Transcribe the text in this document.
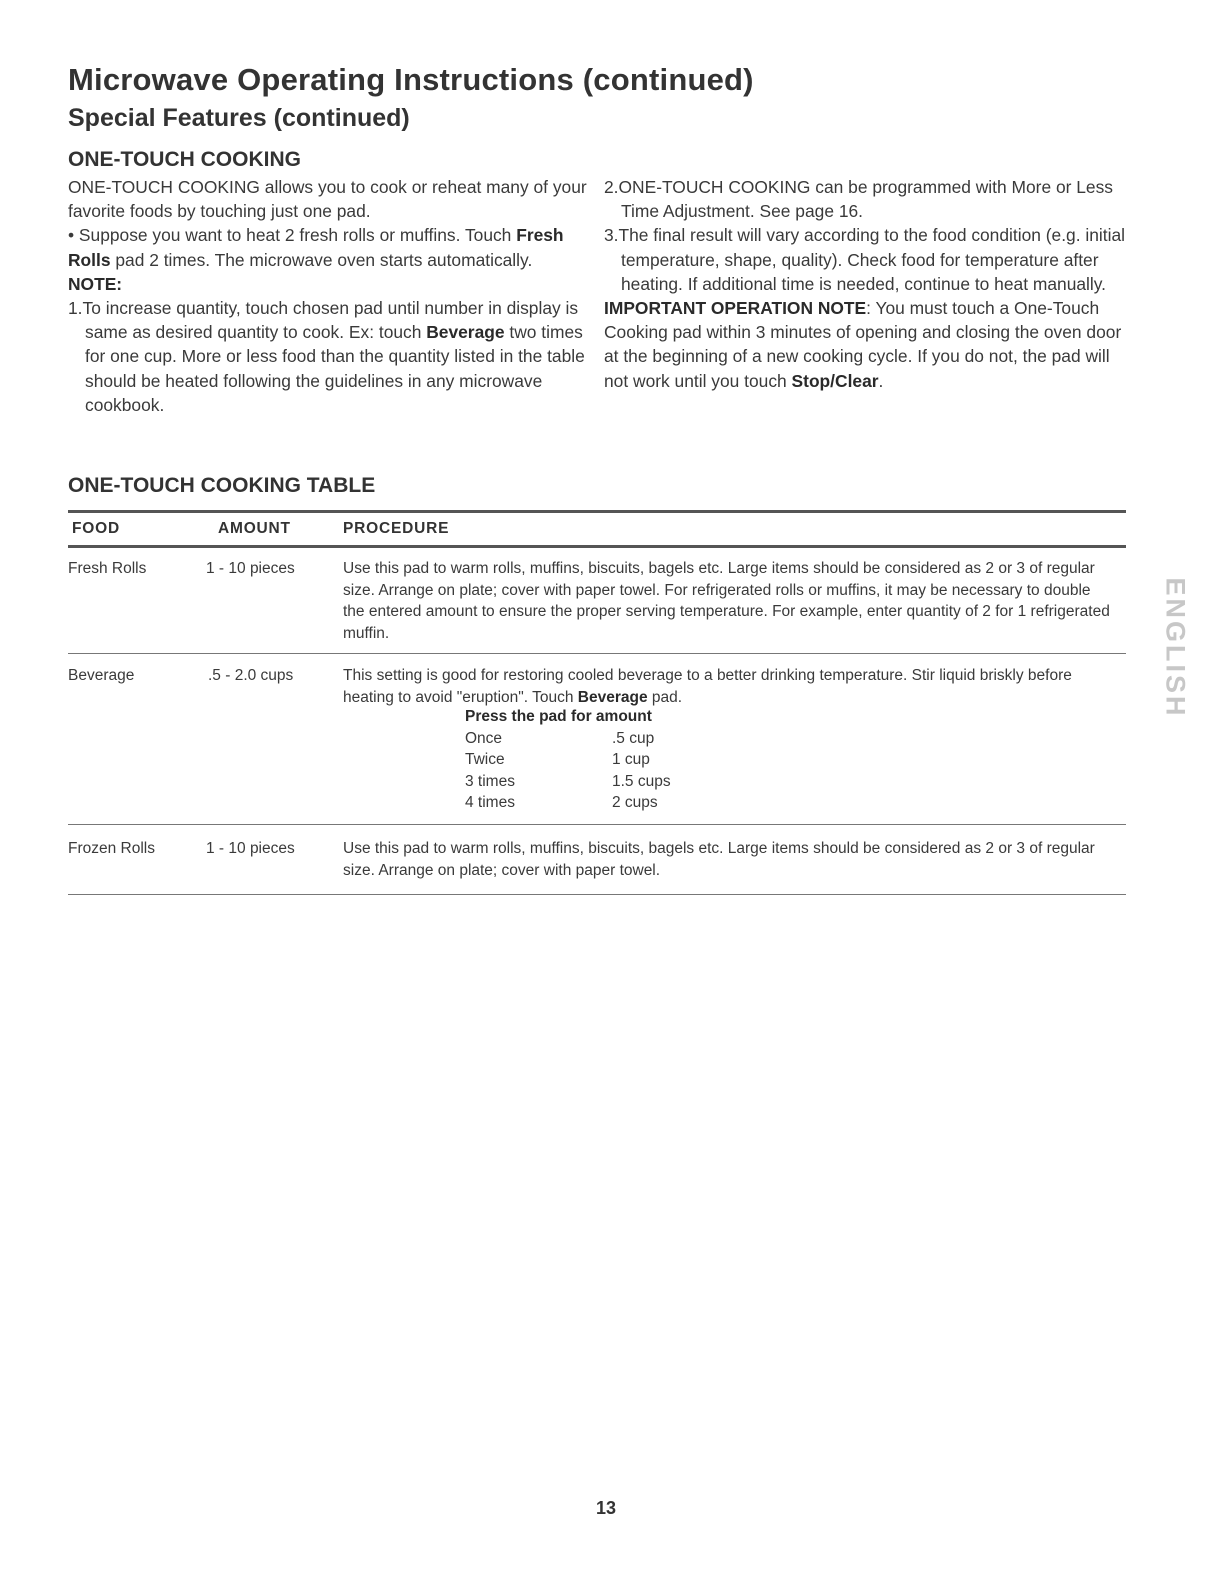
Microwave Operating Instructions (continued)
Special Features (continued)
ONE-TOUCH COOKING

ONE-TOUCH COOKING allows you to cook or reheat many of your favorite foods by touching just one pad.

• Suppose you want to heat 2 fresh rolls or muffins. Touch Fresh Rolls pad 2 times. The microwave oven starts automatically.

NOTE:

1.To increase quantity, touch chosen pad until number in display is same as desired quantity to cook. Ex: touch Beverage two times for one cup. More or less food than the quantity listed in the table should be heated following the guidelines in any microwave cookbook.

2.ONE-TOUCH COOKING can be programmed with More or Less Time Adjustment. See page 16.

3.The final result will vary according to the food condition (e.g. initial temperature, shape, quality). Check food for temperature after heating. If additional time is needed, continue to heat manually.

IMPORTANT OPERATION NOTE: You must touch a One-Touch Cooking pad within 3 minutes of opening and closing the oven door at the beginning of a new cooking cycle. If you do not, the pad will not work until you touch Stop/Clear.

ONE-TOUCH COOKING TABLE
FOOD	AMOUNT	PROCEDURE
Fresh Rolls	1 - 10 pieces	Use this pad to warm rolls, muffins, biscuits, bagels etc. Large items should be considered as 2 or 3 of regular size. Arrange on plate; cover with paper towel. For refrigerated rolls or muffins, it may be necessary to double the entered amount to ensure the proper serving temperature. For example, enter quantity of 2 for 1 refrigerated muffin.
Beverage	.5 - 2.0 cups	This setting is good for restoring cooled beverage to a better drinking temperature. Stir liquid briskly before heating to avoid "eruption". Touch Beverage pad.
Press the pad for amount
Once	.5 cup
Twice	1 cup
3 times	1.5 cups
4 times	2 cups
Frozen Rolls	1 - 10 pieces	Use this pad to warm rolls, muffins, biscuits, bagels etc. Large items should be considered as 2 or 3 of regular size. Arrange on plate; cover with paper towel.
ENGLISH
13
